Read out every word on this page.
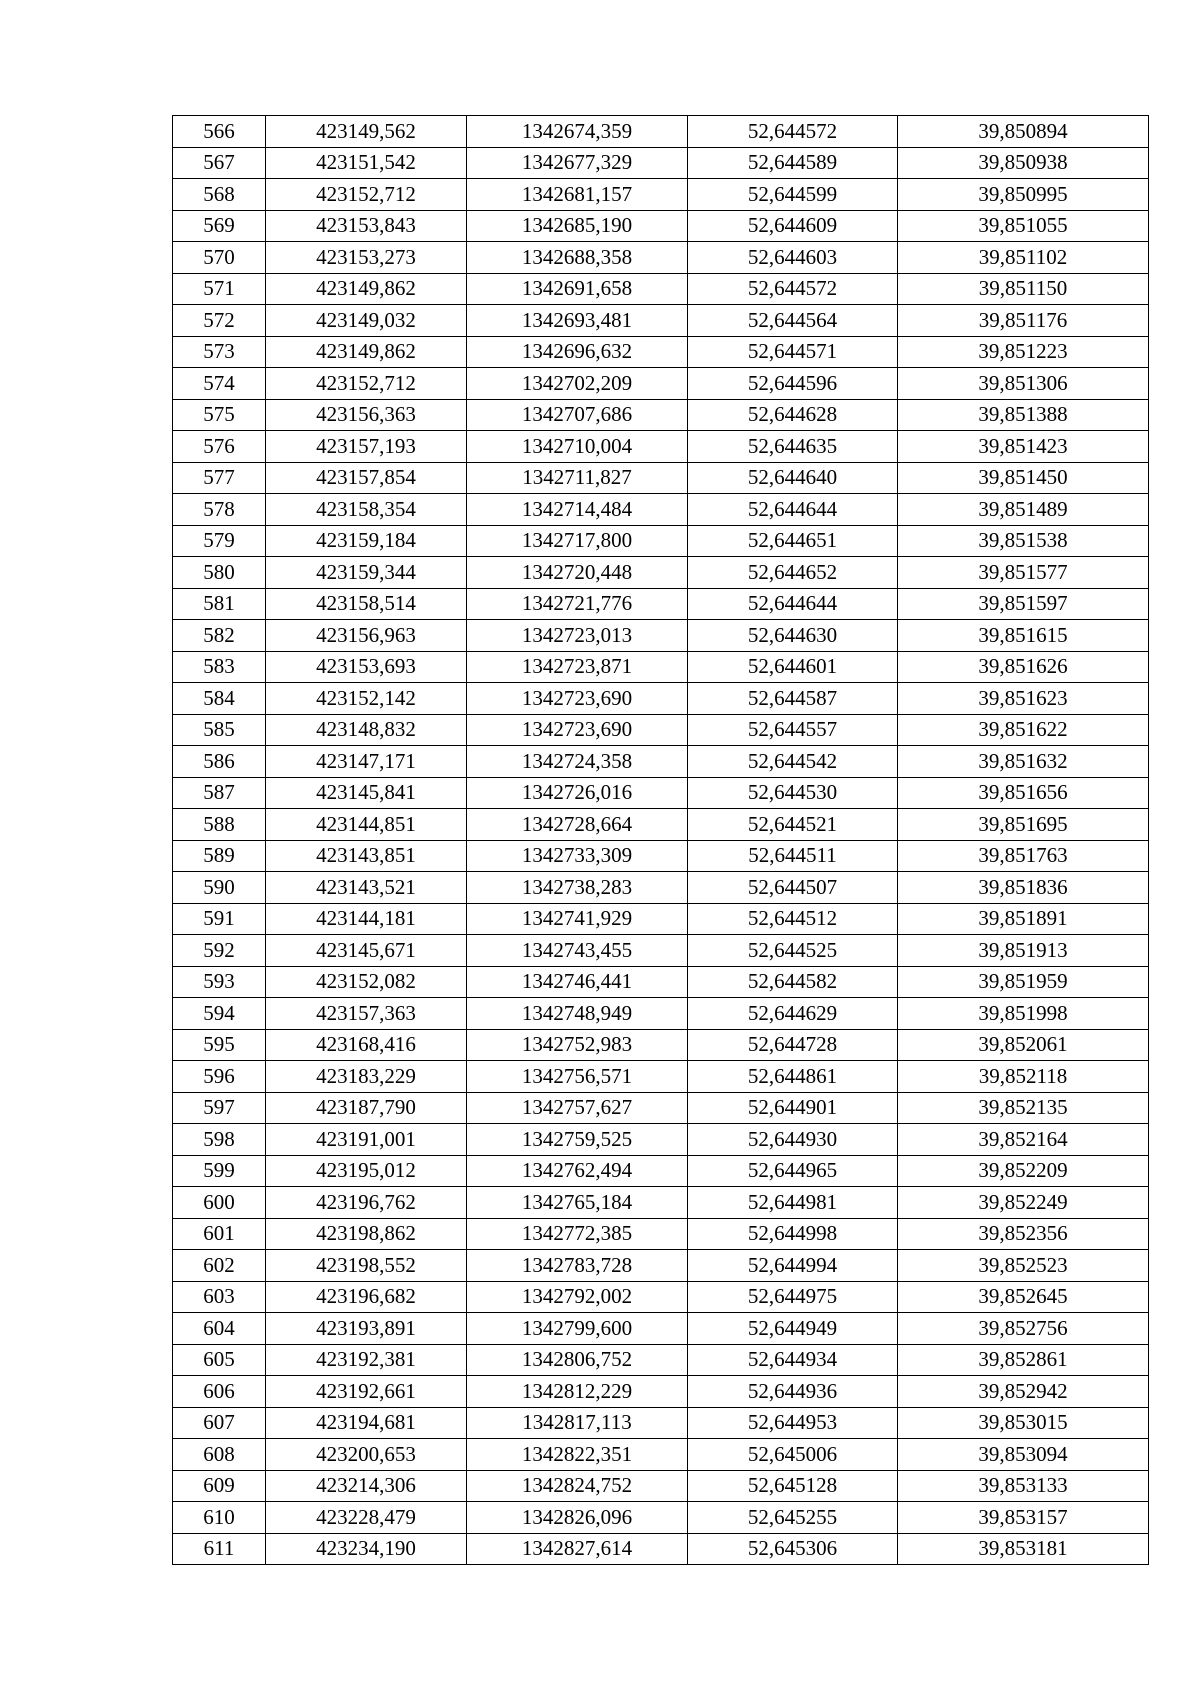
566	423149,562	1342674,359	52,644572	39,850894
567	423151,542	1342677,329	52,644589	39,850938
568	423152,712	1342681,157	52,644599	39,850995
569	423153,843	1342685,190	52,644609	39,851055
570	423153,273	1342688,358	52,644603	39,851102
571	423149,862	1342691,658	52,644572	39,851150
572	423149,032	1342693,481	52,644564	39,851176
573	423149,862	1342696,632	52,644571	39,851223
574	423152,712	1342702,209	52,644596	39,851306
575	423156,363	1342707,686	52,644628	39,851388
576	423157,193	1342710,004	52,644635	39,851423
577	423157,854	1342711,827	52,644640	39,851450
578	423158,354	1342714,484	52,644644	39,851489
579	423159,184	1342717,800	52,644651	39,851538
580	423159,344	1342720,448	52,644652	39,851577
581	423158,514	1342721,776	52,644644	39,851597
582	423156,963	1342723,013	52,644630	39,851615
583	423153,693	1342723,871	52,644601	39,851626
584	423152,142	1342723,690	52,644587	39,851623
585	423148,832	1342723,690	52,644557	39,851622
586	423147,171	1342724,358	52,644542	39,851632
587	423145,841	1342726,016	52,644530	39,851656
588	423144,851	1342728,664	52,644521	39,851695
589	423143,851	1342733,309	52,644511	39,851763
590	423143,521	1342738,283	52,644507	39,851836
591	423144,181	1342741,929	52,644512	39,851891
592	423145,671	1342743,455	52,644525	39,851913
593	423152,082	1342746,441	52,644582	39,851959
594	423157,363	1342748,949	52,644629	39,851998
595	423168,416	1342752,983	52,644728	39,852061
596	423183,229	1342756,571	52,644861	39,852118
597	423187,790	1342757,627	52,644901	39,852135
598	423191,001	1342759,525	52,644930	39,852164
599	423195,012	1342762,494	52,644965	39,852209
600	423196,762	1342765,184	52,644981	39,852249
601	423198,862	1342772,385	52,644998	39,852356
602	423198,552	1342783,728	52,644994	39,852523
603	423196,682	1342792,002	52,644975	39,852645
604	423193,891	1342799,600	52,644949	39,852756
605	423192,381	1342806,752	52,644934	39,852861
606	423192,661	1342812,229	52,644936	39,852942
607	423194,681	1342817,113	52,644953	39,853015
608	423200,653	1342822,351	52,645006	39,853094
609	423214,306	1342824,752	52,645128	39,853133
610	423228,479	1342826,096	52,645255	39,853157
611	423234,190	1342827,614	52,645306	39,853181
